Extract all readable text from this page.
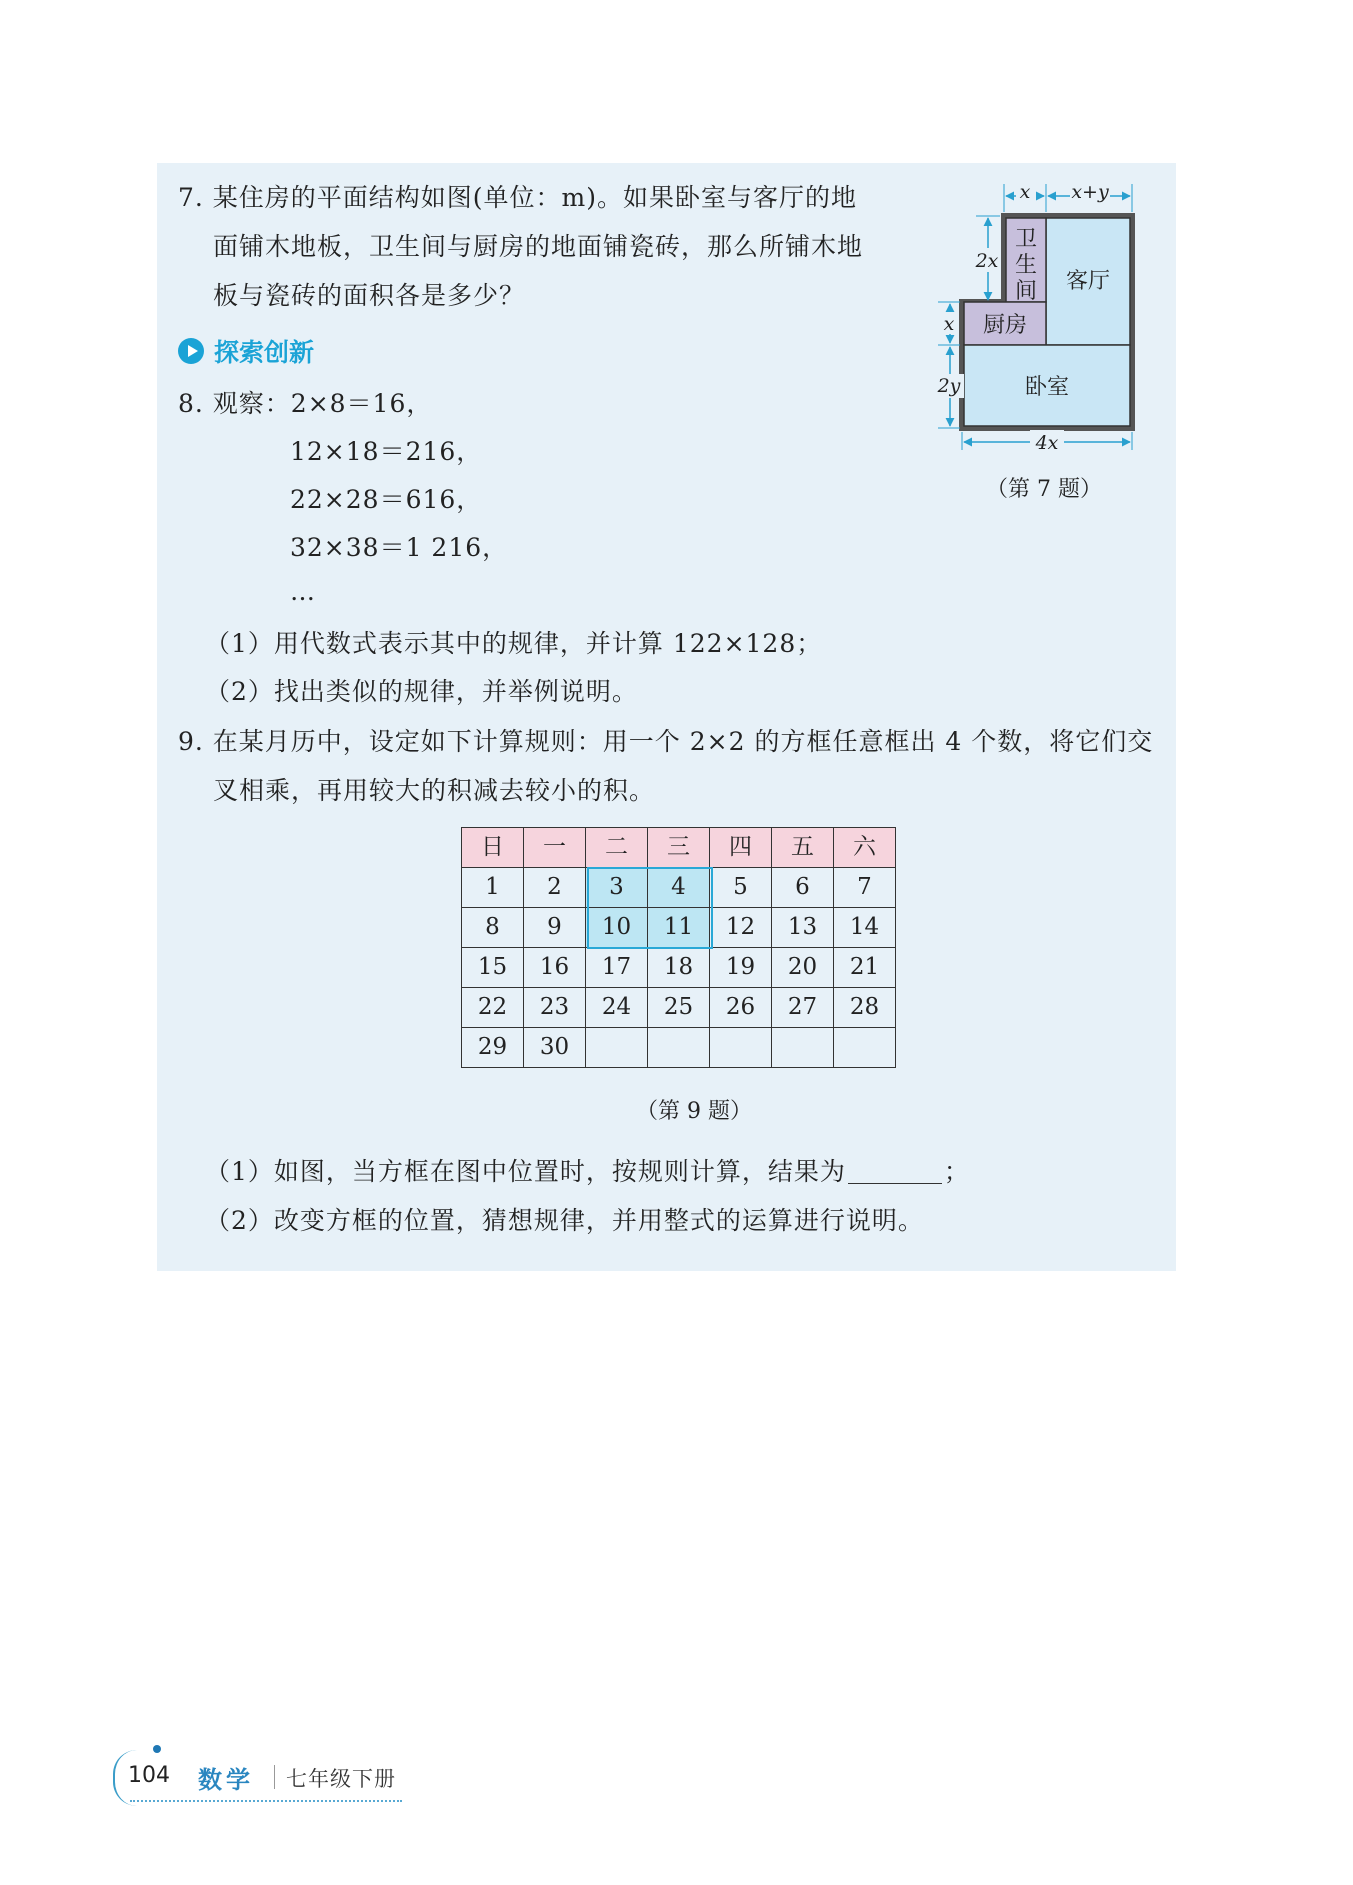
7. 某住房的平面结构如图(单位：m)。如果卧室与客厅的地
面铺木地板，卫生间与厨房的地面铺瓷砖，那么所铺木地
板与瓷砖的面积各是多少？
卫
生
间 客厅
厨房
卧室
x x+y
2x
x
2y
4x
（第 7 题）
探索创新
8. 观察：2×8＝16，
12×18＝216，
22×28＝616，
32×38＝1 216，
…
（1）用代数式表示其中的规律，并计算 122×128；
（2）找出类似的规律，并举例说明。
9. 在某月历中，设定如下计算规则：用一个 2×2 的方框任意框出 4 个数，将它们交
叉相乘，再用较大的积减去较小的积。
日	一	二	三	四	五	六
1	2	3	4	5	6	7
8	9	10	11	12	13	14
15	16	17	18	19	20	21
22	23	24	25	26	27	28
29	30					
（第 9 题）
（1）如图，当方框在图中位置时，按规则计算，结果为	；
（2）改变方框的位置，猜想规律，并用整式的运算进行说明。
104 数学 七年级下册
